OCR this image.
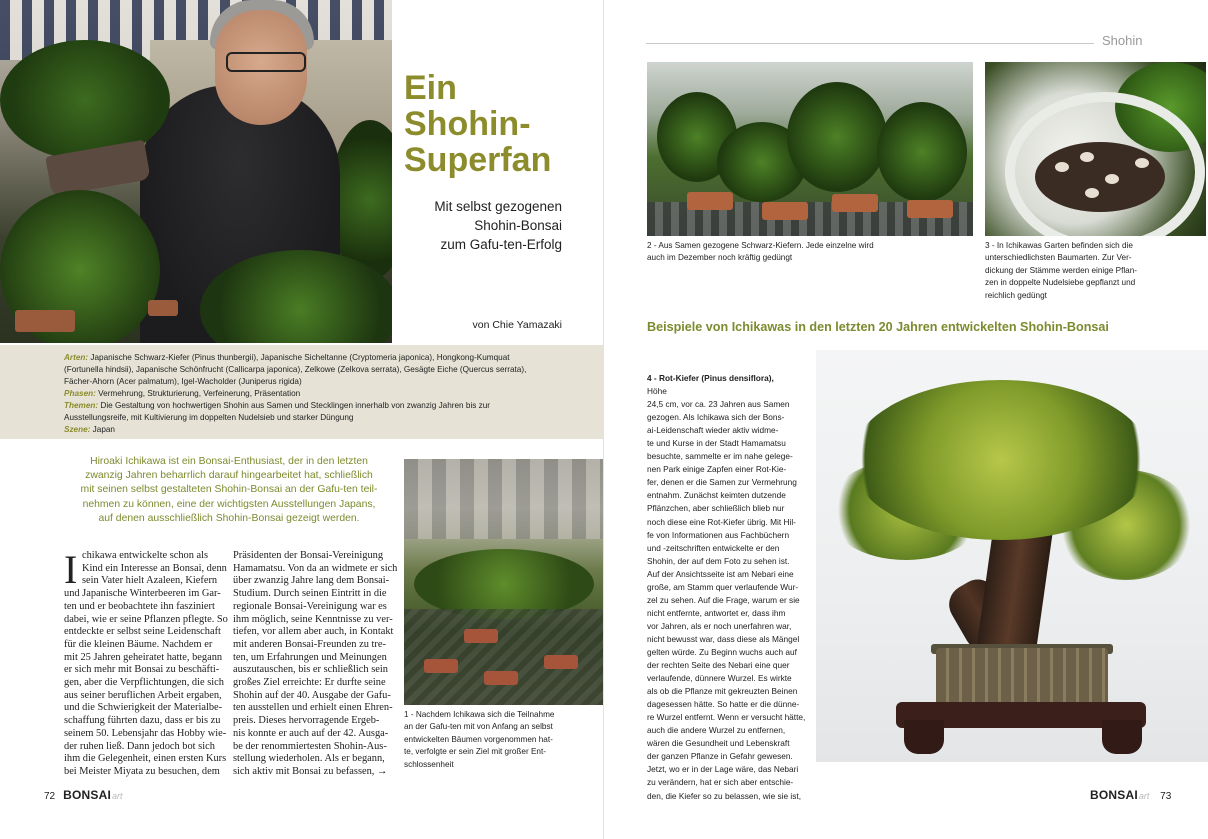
Ein
Shohin-
Superfan

Mit selbst gezogenen
Shohin-Bonsai
zum Gafu-ten-Erfolg

von Chie Yamazaki
Arten: Japanische Schwarz-Kiefer (Pinus thunbergii), Japanische Sicheltanne (Cryptomeria japonica), Hongkong-Kumquat (Fortunella hindsii), Japanische Schönfrucht (Callicarpa japonica), Zelkowe (Zelkova serrata), Gesägte Eiche (Quercus serrata), Fächer-Ahorn (Acer palmatum), Igel-Wacholder (Juniperus rigida)
Phasen: Vermehrung, Strukturierung, Verfeinerung, Präsentation
Themen: Die Gestaltung von hochwertigen Shohin aus Samen und Stecklingen innerhalb von zwanzig Jahren bis zur Ausstellungsreife, mit Kultivierung im doppelten Nudelsieb und starker Düngung
Szene: Japan

Hiroaki Ichikawa ist ein Bonsai-Enthusiast, der in den letzten
zwanzig Jahren beharrlich darauf hingearbeitet hat, schließlich
mit seinen selbst gestalteten Shohin-Bonsai an der Gafu-ten teil-
nehmen zu können, eine der wichtigsten Ausstellungen Japans,
auf denen ausschließlich Shohin-Bonsai gezeigt werden.

I chikawa entwickelte schon als
Kind ein Interesse an Bonsai, denn
sein Vater hielt Azaleen, Kiefern
und Japanische Winterbeeren im Gar-
ten und er beobachtete ihn fasziniert
dabei, wie er seine Pflanzen pflegte. So
entdeckte er selbst seine Leidenschaft
für die kleinen Bäume. Nachdem er
mit 25 Jahren geheiratet hatte, begann
er sich mehr mit Bonsai zu beschäfti-
gen, aber die Verpflichtungen, die sich
aus seiner beruflichen Arbeit ergaben,
und die Schwierigkeit der Materialbe-
schaffung führten dazu, dass er bis zu
seinem 50. Lebensjahr das Hobby wie-
der ruhen ließ. Dann jedoch bot sich
ihm die Gelegenheit, einen ersten Kurs
bei Meister Miyata zu besuchen, dem

Präsidenten der Bonsai-Vereinigung
Hamamatsu. Von da an widmete er sich
über zwanzig Jahre lang dem Bonsai-
Studium. Durch seinen Eintritt in die
regionale Bonsai-Vereinigung war es
ihm möglich, seine Kenntnisse zu ver-
tiefen, vor allem aber auch, in Kontakt
mit anderen Bonsai-Freunden zu tre-
ten, um Erfahrungen und Meinungen
auszutauschen, bis er schließlich sein
großes Ziel erreichte: Er durfte seine
Shohin auf der 40. Ausgabe der Gafu-
ten ausstellen und erhielt einen Ehren-
preis. Dieses hervorragende Ergeb-
nis konnte er auch auf der 42. Ausga-
be der renommiertesten Shohin-Aus-
stellung wiederholen. Als er begann,
sich aktiv mit Bonsai zu befassen, →

1 - Nachdem Ichikawa sich die Teilnahme
an der Gafu-ten mit von Anfang an selbst
entwickelten Bäumen vorgenommen hat-
te, verfolgte er sein Ziel mit großer Ent-
schlossenheit

72 BONSAIart
Shohin

2 - Aus Samen gezogene Schwarz-Kiefern. Jede einzelne wird
auch im Dezember noch kräftig gedüngt

3 - In Ichikawas Garten befinden sich die
unterschiedlichsten Baumarten. Zur Ver-
dickung der Stämme werden einige Pflan-
zen in doppelte Nudelsiebe gepflanzt und
reichlich gedüngt

Beispiele von Ichikawas in den letzten 20 Jahren entwickelten Shohin-Bonsai

4 - Rot-Kiefer (Pinus densiflora),
Höhe
24,5 cm, vor ca. 23 Jahren aus Samen
gezogen. Als Ichikawa sich der Bons-
ai-Leidenschaft wieder aktiv widme-
te und Kurse in der Stadt Hamamatsu
besuchte, sammelte er im nahe gelege-
nen Park einige Zapfen einer Rot-Kie-
fer, denen er die Samen zur Vermehrung
entnahm. Zunächst keimten dutzende
Pflänzchen, aber schließlich blieb nur
noch diese eine Rot-Kiefer übrig. Mit Hil-
fe von Informationen aus Fachbüchern
und -zeitschriften entwickelte er den
Shohin, der auf dem Foto zu sehen ist.
Auf der Ansichtsseite ist am Nebari eine
große, am Stamm quer verlaufende Wur-
zel zu sehen. Auf die Frage, warum er sie
nicht entfernte, antwortet er, dass ihm
vor Jahren, als er noch unerfahren war,
nicht bewusst war, dass diese als Mängel
gelten würde. Zu Beginn wuchs auch auf
der rechten Seite des Nebari eine quer
verlaufende, dünnere Wurzel. Es wirkte
als ob die Pflanze mit gekreuzten Beinen
dagesessen hätte. So hatte er die dünne-
re Wurzel entfernt. Wenn er versucht hätte,
auch die andere Wurzel zu entfernen,
wären die Gesundheit und Lebenskraft
der ganzen Pflanze in Gefahr gewesen.
Jetzt, wo er in der Lage wäre, das Nebari
zu verändern, hat er sich aber entschie-
den, die Kiefer so zu belassen, wie sie ist,	BONSAIart 73
